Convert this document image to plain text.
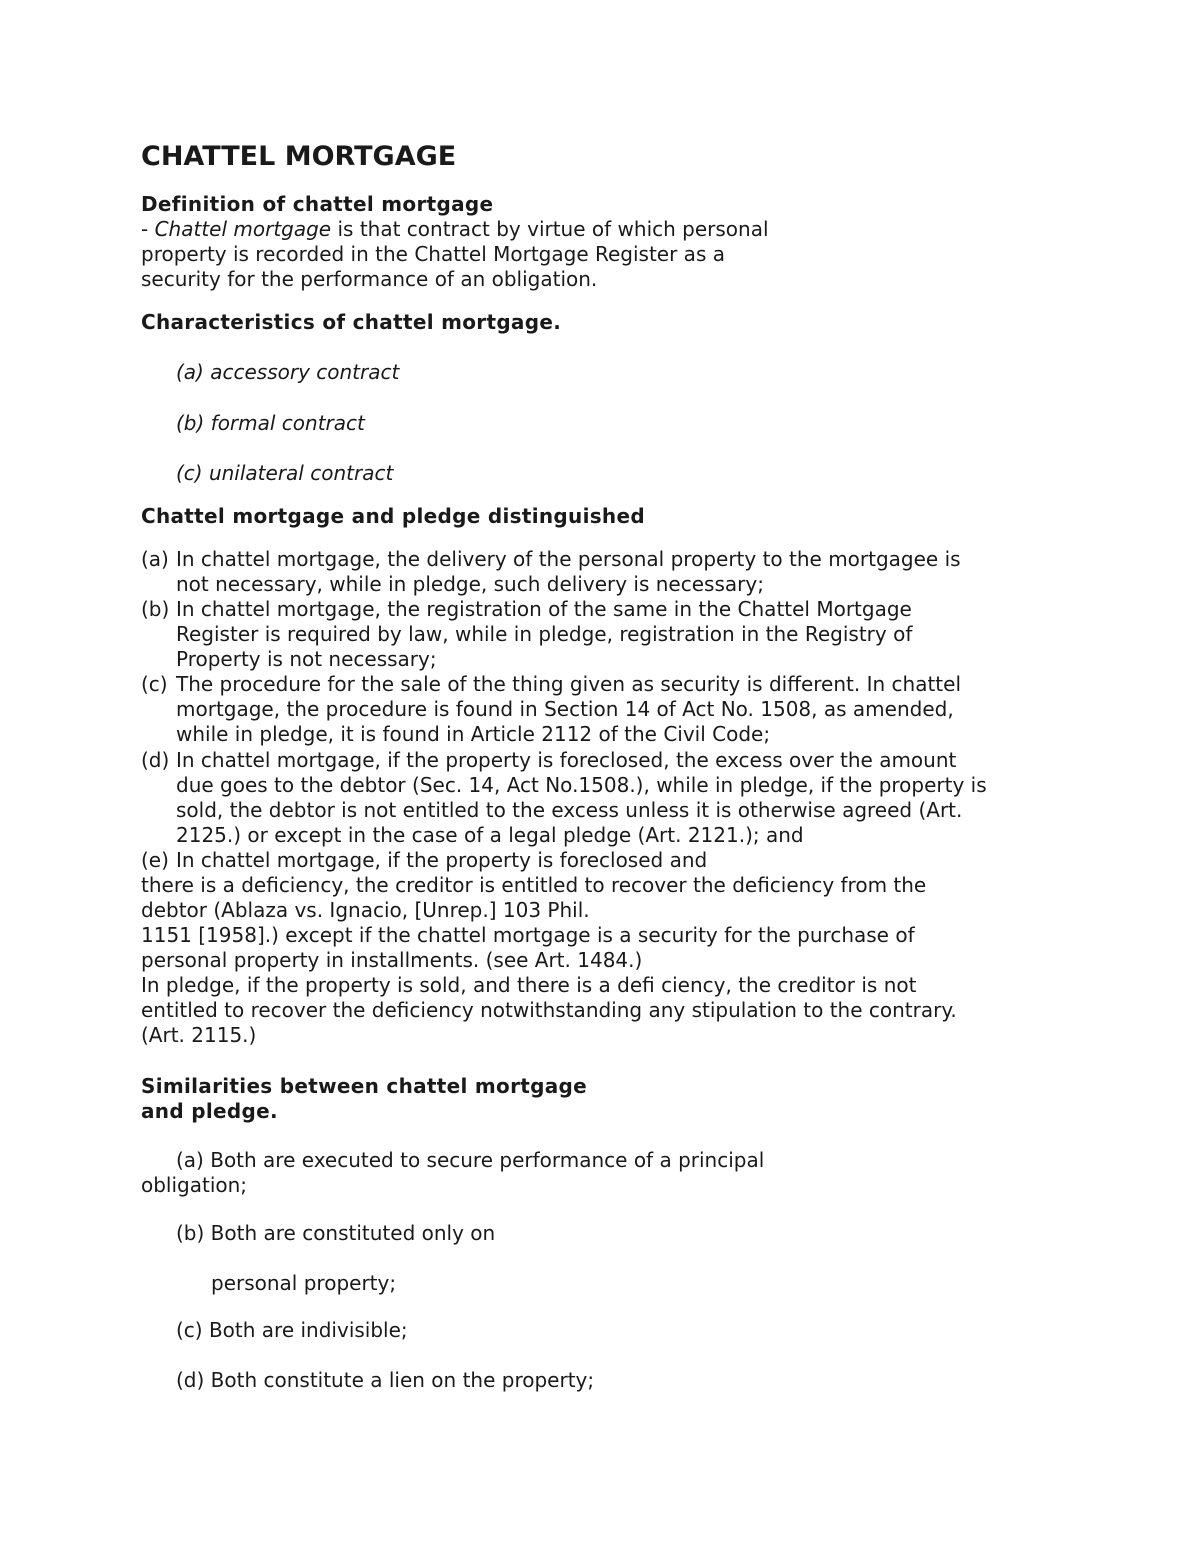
CHATTEL MORTGAGE
Definition of chattel mortgage
- Chattel mortgage is that contract by virtue of which personal
property is recorded in the Chattel Mortgage Register as a
security for the performance of an obligation.
Characteristics of chattel mortgage.
(a) accessory contract
(b) formal contract
(c) unilateral contract
Chattel mortgage and pledge distinguished
(a) In chattel mortgage, the delivery of the personal property to the mortgagee is
not necessary, while in pledge, such delivery is necessary;
(b) In chattel mortgage, the registration of the same in the Chattel Mortgage
Register is required by law, while in pledge, registration in the Registry of
Property is not necessary;
(c) The procedure for the sale of the thing given as security is different. In chattel
mortgage, the procedure is found in Section 14 of Act No. 1508, as amended,
while in pledge, it is found in Article 2112 of the Civil Code;
(d) In chattel mortgage, if the property is foreclosed, the excess over the amount
due goes to the debtor (Sec. 14, Act No.1508.), while in pledge, if the property is
sold, the debtor is not entitled to the excess unless it is otherwise agreed (Art.
2125.) or except in the case of a legal pledge (Art. 2121.); and
(e) In chattel mortgage, if the property is foreclosed and
there is a deficiency, the creditor is entitled to recover the deficiency from the
debtor (Ablaza vs. Ignacio, [Unrep.] 103 Phil.
1151 [1958].) except if the chattel mortgage is a security for the purchase of
personal property in installments. (see Art. 1484.)
In pledge, if the property is sold, and there is a defi ciency, the creditor is not
entitled to recover the deficiency notwithstanding any stipulation to the contrary.
(Art. 2115.)
Similarities between chattel mortgage
and pledge.
(a) Both are executed to secure performance of a principal
obligation;
(b) Both are constituted only on
personal property;
(c) Both are indivisible;
(d) Both constitute a lien on the property;
